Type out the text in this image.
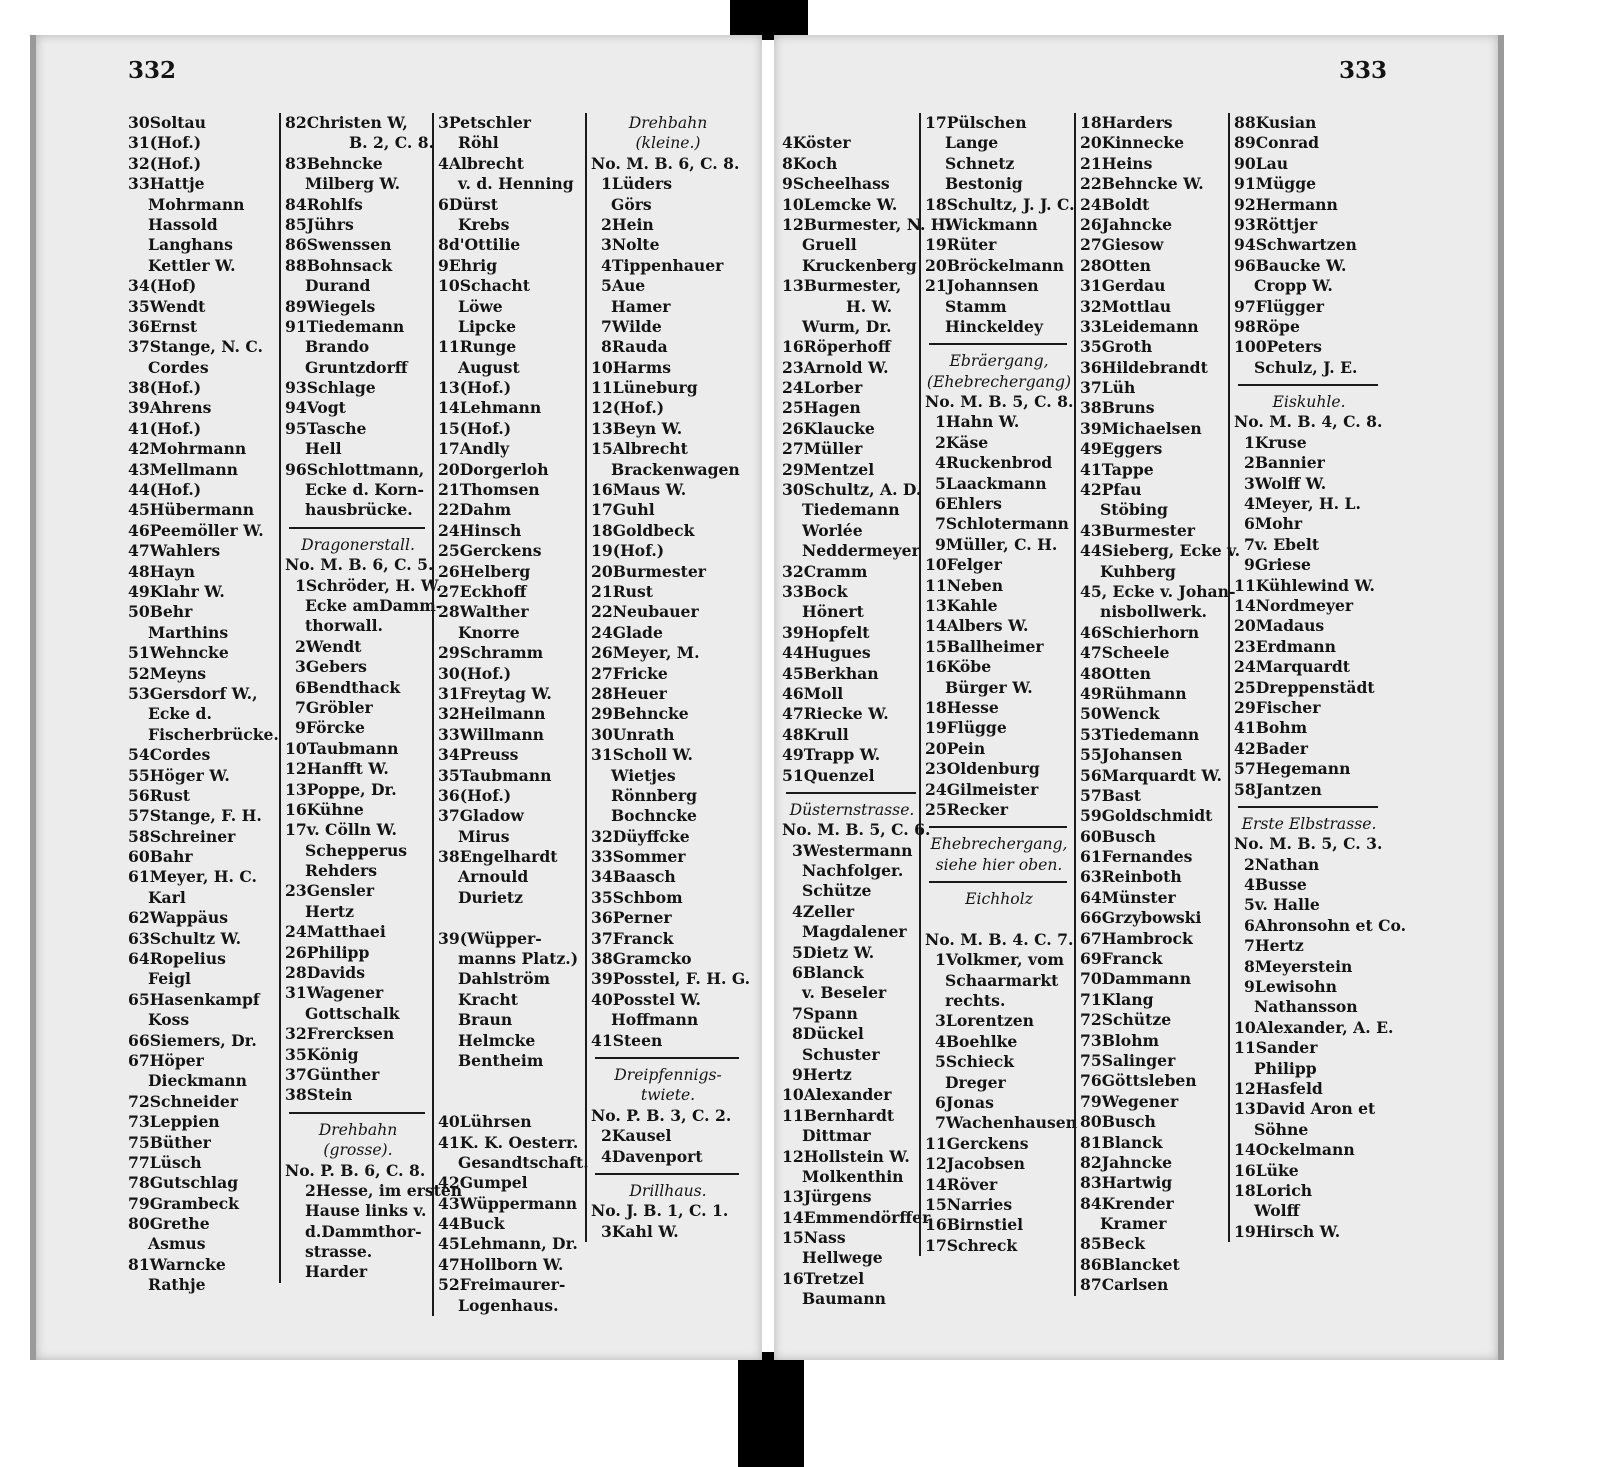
332
30Soltau
31(Hof.)
32(Hof.)
33Hattje
Mohrmann
Hassold
Langhans
Kettler W.
34(Hof)
35Wendt
36Ernst
37Stange, N. C.
Cordes
38(Hof.)
39Ahrens
41(Hof.)
42Mohrmann
43Mellmann
44(Hof.)
45Hübermann
46Peemöller W.
47Wahlers
48Hayn
49Klahr W.
50Behr
Marthins
51Wehncke
52Meyns
53Gersdorf W.,
Ecke d.
Fischerbrücke.
54Cordes
55Höger W.
56Rust
57Stange, F. H.
58Schreiner
60Bahr
61Meyer, H. C.
Karl
62Wappäus
63Schultz W.
64Ropelius
Feigl
65Hasenkampf
Koss
66Siemers, Dr.
67Höper
Dieckmann
72Schneider
73Leppien
75Büther
77Lüsch
78Gutschlag
79Grambeck
80Grethe
Asmus
81Warncke
Rathje
82Christen W,
B. 2, C. 8.
83Behncke
Milberg W.
84Rohlfs
85Jührs
86Swenssen
88Bohnsack
Durand
89Wiegels
91Tiedemann
Brando
Gruntzdorff
93Schlage
94Vogt
95Tasche
Hell
96Schlottmann,
Ecke d. Korn-
hausbrücke.
Dragonerstall.
No. M. B. 6, C. 5.
1Schröder, H. W.
Ecke amDamm-
thorwall.
2Wendt
3Gebers
6Bendthack
7Gröbler
9Förcke
10Taubmann
12Hanfft W.
13Poppe, Dr.
16Kühne
17v. Cölln W.
Schepperus
Rehders
23Gensler
Hertz
24Matthaei
26Philipp
28Davids
31Wagener
Gottschalk
32Frercksen
35König
37Günther
38Stein
Drehbahn
(grosse).
No. P. B. 6, C. 8.
2Hesse, im ersten
Hause links v.
d.Dammthor-
strasse.
Harder
3Petschler
Röhl
4Albrecht
v. d. Henning
6Dürst
Krebs
8d'Ottilie
9Ehrig
10Schacht
Löwe
Lipcke
11Runge
August
13(Hof.)
14Lehmann
15(Hof.)
17Andly
20Dorgerloh
21Thomsen
22Dahm
24Hinsch
25Gerckens
26Helberg
27Eckhoff
28Walther
Knorre
29Schramm
30(Hof.)
31Freytag W.
32Heilmann
33Willmann
34Preuss
35Taubmann
36(Hof.)
37Gladow
Mirus
38Engelhardt
Arnould
Durietz
39(Wüpper-
manns Platz.)
Dahlström
Kracht
Braun
Helmcke
Bentheim
40Lührsen
41K. K. Oesterr.
Gesandtschaft.
42Gumpel
43Wüppermann
44Buck
45Lehmann, Dr.
47Hollborn W.
52Freimaurer-
Logenhaus.
Drehbahn
(kleine.)
No. M. B. 6, C. 8.
1Lüders
Görs
2Hein
3Nolte
4Tippenhauer
5Aue
Hamer
7Wilde
8Rauda
10Harms
11Lüneburg
12(Hof.)
13Beyn W.
15Albrecht
Brackenwagen
16Maus W.
17Guhl
18Goldbeck
19(Hof.)
20Burmester
21Rust
22Neubauer
24Glade
26Meyer, M.
27Fricke
28Heuer
29Behncke
30Unrath
31Scholl W.
Wietjes
Rönnberg
Bochncke
32Düyffcke
33Sommer
34Baasch
35Schbom
36Perner
37Franck
38Gramcko
39Posstel, F. H. G.
40Posstel W.
Hoffmann
41Steen
Dreipfennigs-
twiete.
No. P. B. 3, C. 2.
2Kausel
4Davenport
Drillhaus.
No. J. B. 1, C. 1.
3Kahl W.
333
4Köster
8Koch
9Scheelhass
10Lemcke W.
12Burmester, N. H.
Gruell
Kruckenberg
13Burmester,
H. W.
Wurm, Dr.
16Röperhoff
23Arnold W.
24Lorber
25Hagen
26Klaucke
27Müller
29Mentzel
30Schultz, A. D.
Tiedemann
Worlée
Neddermeyer
32Cramm
33Bock
Hönert
39Hopfelt
44Hugues
45Berkhan
46Moll
47Riecke W.
48Krull
49Trapp W.
51Quenzel
Düsternstrasse.
No. M. B. 5, C. 6.
3Westermann
Nachfolger.
Schütze
4Zeller
Magdalener
5Dietz W.
6Blanck
v. Beseler
7Spann
8Dückel
Schuster
9Hertz
10Alexander
11Bernhardt
Dittmar
12Hollstein W.
Molkenthin
13Jürgens
14Emmendörffer
15Nass
Hellwege
16Tretzel
Baumann
17Pülschen
Lange
Schnetz
Bestonig
18Schultz, J. J. C.
Wickmann
19Rüter
20Bröckelmann
21Johannsen
Stamm
Hinckeldey
Ebräergang,
(Ehebrechergang)
No. M. B. 5, C. 8.
1Hahn W.
2Käse
4Ruckenbrod
5Laackmann
6Ehlers
7Schlotermann
9Müller, C. H.
10Felger
11Neben
13Kahle
14Albers W.
15Ballheimer
16Köbe
Bürger W.
18Hesse
19Flügge
20Pein
23Oldenburg
24Gilmeister
25Recker
Ehebrechergang,
siehe hier oben.
Eichholz
No. M. B. 4. C. 7.
1Volkmer, vom
Schaarmarkt
rechts.
3Lorentzen
4Boehlke
5Schieck
Dreger
6Jonas
7Wachenhausen
11Gerckens
12Jacobsen
14Röver
15Narries
16Birnstiel
17Schreck
18Harders
20Kinnecke
21Heins
22Behncke W.
24Boldt
26Jahncke
27Giesow
28Otten
31Gerdau
32Mottlau
33Leidemann
35Groth
36Hildebrandt
37Lüh
38Bruns
39Michaelsen
49Eggers
41Tappe
42Pfau
Stöbing
43Burmester
44Sieberg, Ecke v.
Kuhberg
45, Ecke v. Johan-
nisbollwerk.
46Schierhorn
47Scheele
48Otten
49Rühmann
50Wenck
53Tiedemann
55Johansen
56Marquardt W.
57Bast
59Goldschmidt
60Busch
61Fernandes
63Reinboth
64Münster
66Grzybowski
67Hambrock
69Franck
70Dammann
71Klang
72Schütze
73Blohm
75Salinger
76Göttsleben
79Wegener
80Busch
81Blanck
82Jahncke
83Hartwig
84Krender
Kramer
85Beck
86Blancket
87Carlsen
88Kusian
89Conrad
90Lau
91Mügge
92Hermann
93Röttjer
94Schwartzen
96Baucke W.
Cropp W.
97Flügger
98Röpe
100Peters
Schulz, J. E.
Eiskuhle.
No. M. B. 4, C. 8.
1Kruse
2Bannier
3Wolff W.
4Meyer, H. L.
6Mohr
7v. Ebelt
9Griese
11Kühlewind W.
14Nordmeyer
20Madaus
23Erdmann
24Marquardt
25Dreppenstädt
29Fischer
41Bohm
42Bader
57Hegemann
58Jantzen
Erste Elbstrasse.
No. M. B. 5, C. 3.
2Nathan
4Busse
5v. Halle
6Ahronsohn et Co.
7Hertz
8Meyerstein
9Lewisohn
Nathansson
10Alexander, A. E.
11Sander
Philipp
12Hasfeld
13David Aron et
Söhne
14Ockelmann
16Lüke
18Lorich
Wolff
19Hirsch W.
